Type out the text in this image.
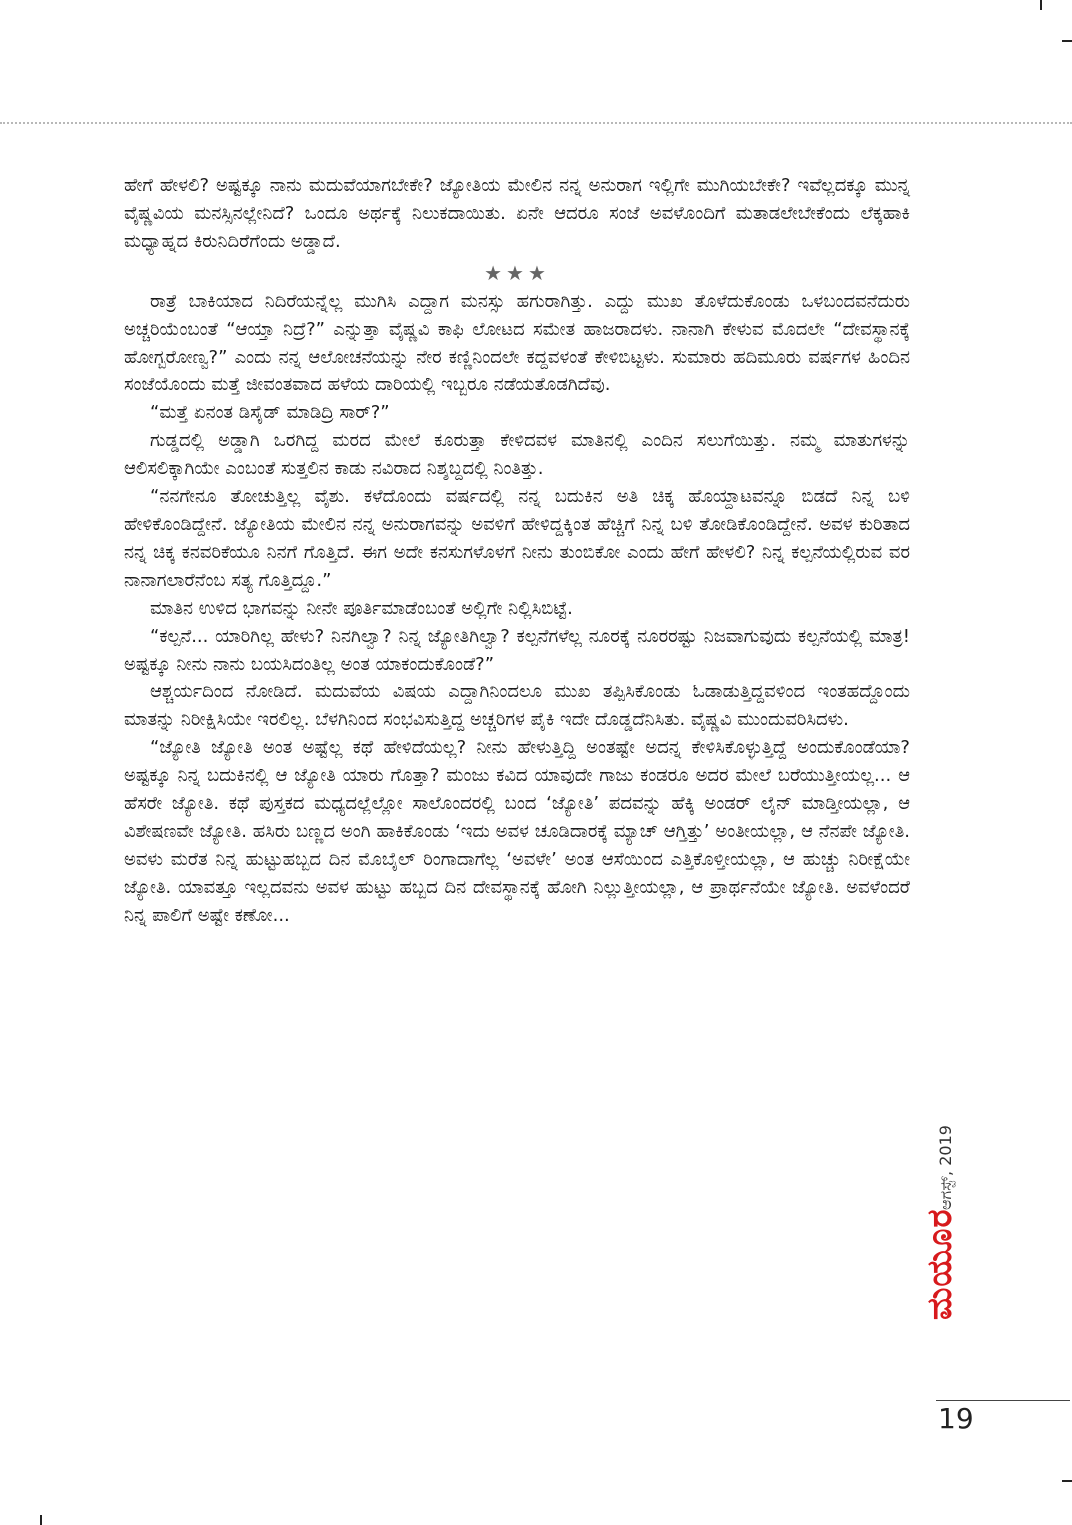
ಹೇಗೆ ಹೇಳಲಿ? ಅಷ್ಟಕ್ಕೂ ನಾನು ಮದುವೆಯಾಗಬೇಕೇ? ಜ್ಯೋತಿಯ ಮೇಲಿನ ನನ್ನ ಅನುರಾಗ ಇಲ್ಲಿಗೇ ಮುಗಿಯಬೇಕೇ? ಇವೆಲ್ಲದಕ್ಕೂ ಮುನ್ನ ವೈಷ್ಣವಿಯ ಮನಸ್ಸಿನಲ್ಲೇನಿದೆ? ಒಂದೂ ಅರ್ಥಕ್ಕೆ ನಿಲುಕದಾಯಿತು. ಏನೇ ಆದರೂ ಸಂಜೆ ಅವಳೊಂದಿಗೆ ಮತಾಡಲೇಬೇಕೆಂದು ಲೆಕ್ಕಹಾಕಿ ಮಧ್ಯಾಹ್ನದ ಕಿರುನಿದಿರೆಗೆಂದು ಅಡ್ಡಾದೆ.

★★★

ರಾತ್ರೆ ಬಾಕಿಯಾದ ನಿದಿರೆಯನ್ನೆಲ್ಲ ಮುಗಿಸಿ ಎದ್ದಾಗ ಮನಸ್ಸು ಹಗುರಾಗಿತ್ತು. ಎದ್ದು ಮುಖ ತೊಳೆದುಕೊಂಡು ಒಳಬಂದವನೆದುರು ಅಚ್ಚರಿಯೆಂಬಂತೆ “ಆಯ್ತಾ ನಿದ್ರೆ?” ಎನ್ನುತ್ತಾ ವೈಷ್ಣವಿ ಕಾಫಿ ಲೋಟದ ಸಮೇತ ಹಾಜರಾದಳು. ನಾನಾಗಿ ಕೇಳುವ ಮೊದಲೇ “ದೇವಸ್ಥಾನಕ್ಕೆ ಹೋಗ್ಬರೋಣ್ವ?” ಎಂದು ನನ್ನ ಆಲೋಚನೆಯನ್ನು ನೇರ ಕಣ್ಣಿನಿಂದಲೇ ಕದ್ದವಳಂತೆ ಕೇಳಿಬಿಟ್ಟಳು. ಸುಮಾರು ಹದಿಮೂರು ವರ್ಷಗಳ ಹಿಂದಿನ ಸಂಜೆಯೊಂದು ಮತ್ತೆ ಜೀವಂತವಾದ ಹಳೆಯ ದಾರಿಯಲ್ಲಿ ಇಬ್ಬರೂ ನಡೆಯತೊಡಗಿದೆವು.

“ಮತ್ತೆ ಏನಂತ ಡಿಸೈಡ್ ಮಾಡಿದ್ರಿ ಸಾರ್?”

ಗುಡ್ಡದಲ್ಲಿ ಅಡ್ಡಾಗಿ ಒರಗಿದ್ದ ಮರದ ಮೇಲೆ ಕೂರುತ್ತಾ ಕೇಳಿದವಳ ಮಾತಿನಲ್ಲಿ ಎಂದಿನ ಸಲುಗೆಯಿತ್ತು. ನಮ್ಮ ಮಾತುಗಳನ್ನು ಆಲಿಸಲಿಕ್ಕಾಗಿಯೇ ಎಂಬಂತೆ ಸುತ್ತಲಿನ ಕಾಡು ನವಿರಾದ ನಿಶ್ಶಬ್ದದಲ್ಲಿ ನಿಂತಿತ್ತು.

“ನನಗೇನೂ ತೋಚುತ್ತಿಲ್ಲ ವೈಶು. ಕಳೆದೊಂದು ವರ್ಷದಲ್ಲಿ ನನ್ನ ಬದುಕಿನ ಅತಿ ಚಿಕ್ಕ ಹೊಯ್ದಾಟವನ್ನೂ ಬಿಡದೆ ನಿನ್ನ ಬಳಿ ಹೇಳಿಕೊಂಡಿದ್ದೇನೆ. ಜ್ಯೋತಿಯ ಮೇಲಿನ ನನ್ನ ಅನುರಾಗವನ್ನು ಅವಳಿಗೆ ಹೇಳಿದ್ದಕ್ಕಿಂತ ಹೆಚ್ಚಿಗೆ ನಿನ್ನ ಬಳಿ ತೋಡಿಕೊಂಡಿದ್ದೇನೆ. ಅವಳ ಕುರಿತಾದ ನನ್ನ ಚಿಕ್ಕ ಕನವರಿಕೆಯೂ ನಿನಗೆ ಗೊತ್ತಿದೆ. ಈಗ ಅದೇ ಕನಸುಗಳೊಳಗೆ ನೀನು ತುಂಬಿಕೋ ಎಂದು ಹೇಗೆ ಹೇಳಲಿ? ನಿನ್ನ ಕಲ್ಪನೆಯಲ್ಲಿರುವ ವರ ನಾನಾಗಲಾರೆನೆಂಬ ಸತ್ಯ ಗೊತ್ತಿದ್ದೂ.”

ಮಾತಿನ ಉಳಿದ ಭಾಗವನ್ನು ನೀನೇ ಪೂರ್ತಿಮಾಡೆಂಬಂತೆ ಅಲ್ಲಿಗೇ ನಿಲ್ಲಿಸಿಬಿಟ್ಟೆ.

“ಕಲ್ಪನೆ... ಯಾರಿಗಿಲ್ಲ ಹೇಳು? ನಿನಗಿಲ್ವಾ? ನಿನ್ನ ಜ್ಯೋತಿಗಿಲ್ವಾ? ಕಲ್ಪನೆಗಳೆಲ್ಲ ನೂರಕ್ಕೆ ನೂರರಷ್ಟು ನಿಜವಾಗುವುದು ಕಲ್ಪನೆಯಲ್ಲಿ ಮಾತ್ರ! ಅಷ್ಟಕ್ಕೂ ನೀನು ನಾನು ಬಯಸಿದಂತಿಲ್ಲ ಅಂತ ಯಾಕಂದುಕೊಂಡೆ?”

ಆಶ್ಚರ್ಯದಿಂದ ನೋಡಿದೆ. ಮದುವೆಯ ವಿಷಯ ಎದ್ದಾಗಿನಿಂದಲೂ ಮುಖ ತಪ್ಪಿಸಿಕೊಂಡು ಓಡಾಡುತ್ತಿದ್ದವಳಿಂದ ಇಂತಹದ್ದೊಂದು ಮಾತನ್ನು ನಿರೀಕ್ಷಿಸಿಯೇ ಇರಲಿಲ್ಲ. ಬೆಳಗಿನಿಂದ ಸಂಭವಿಸುತ್ತಿದ್ದ ಅಚ್ಚರಿಗಳ ಪೈಕಿ ಇದೇ ದೊಡ್ಡದೆನಿಸಿತು. ವೈಷ್ಣವಿ ಮುಂದುವರಿಸಿದಳು.

“ಜ್ಯೋತಿ ಜ್ಯೋತಿ ಅಂತ ಅಷ್ಟೆಲ್ಲ ಕಥೆ ಹೇಳಿದೆಯಲ್ಲ? ನೀನು ಹೇಳುತ್ತಿದ್ದಿ ಅಂತಷ್ಟೇ ಅದನ್ನ ಕೇಳಿಸಿಕೊಳ್ಳುತ್ತಿದ್ದೆ ಅಂದುಕೊಂಡೆಯಾ? ಅಷ್ಟಕ್ಕೂ ನಿನ್ನ ಬದುಕಿನಲ್ಲಿ ಆ ಜ್ಯೋತಿ ಯಾರು ಗೊತ್ತಾ? ಮಂಜು ಕವಿದ ಯಾವುದೇ ಗಾಜು ಕಂಡರೂ ಅದರ ಮೇಲೆ ಬರೆಯುತ್ತೀಯಲ್ಲ... ಆ ಹೆಸರೇ ಜ್ಯೋತಿ. ಕಥೆ ಪುಸ್ತಕದ ಮಧ್ಯದಲ್ಲೆಲ್ಲೋ ಸಾಲೊಂದರಲ್ಲಿ ಬಂದ ‘ಜ್ಯೋತಿ’ ಪದವನ್ನು ಹೆಕ್ಕಿ ಅಂಡರ್ ಲೈನ್ ಮಾಡ್ತೀಯಲ್ಲಾ, ಆ ವಿಶೇಷಣವೇ ಜ್ಯೋತಿ. ಹಸಿರು ಬಣ್ಣದ ಅಂಗಿ ಹಾಕಿಕೊಂಡು ‘ಇದು ಅವಳ ಚೂಡಿದಾರಕ್ಕೆ ಮ್ಯಾಚ್ ಆಗ್ತಿತ್ತು’ ಅಂತೀಯಲ್ಲಾ, ಆ ನೆನಪೇ ಜ್ಯೋತಿ. ಅವಳು ಮರೆತ ನಿನ್ನ ಹುಟ್ಟುಹಬ್ಬದ ದಿನ ಮೊಬೈಲ್ ರಿಂಗಾದಾಗೆಲ್ಲ ‘ಅವಳೇ’ ಅಂತ ಆಸೆಯಿಂದ ಎತ್ತಿಕೊಳ್ತೀಯಲ್ಲಾ, ಆ ಹುಚ್ಚು ನಿರೀಕ್ಷೆಯೇ ಜ್ಯೋತಿ. ಯಾವತ್ತೂ ಇಲ್ಲದವನು ಅವಳ ಹುಟ್ಟು ಹಬ್ಬದ ದಿನ ದೇವಸ್ಥಾನಕ್ಕೆ ಹೋಗಿ ನಿಲ್ಲುತ್ತೀಯಲ್ಲಾ, ಆ ಪ್ರಾರ್ಥನೆಯೇ ಜ್ಯೋತಿ. ಅವಳೆಂದರೆ ನಿನ್ನ ಪಾಲಿಗೆ ಅಷ್ಟೇ ಕಣೋ...

ಆಗಸ್ಟ್, 2019
ಮಯೂರ
19
